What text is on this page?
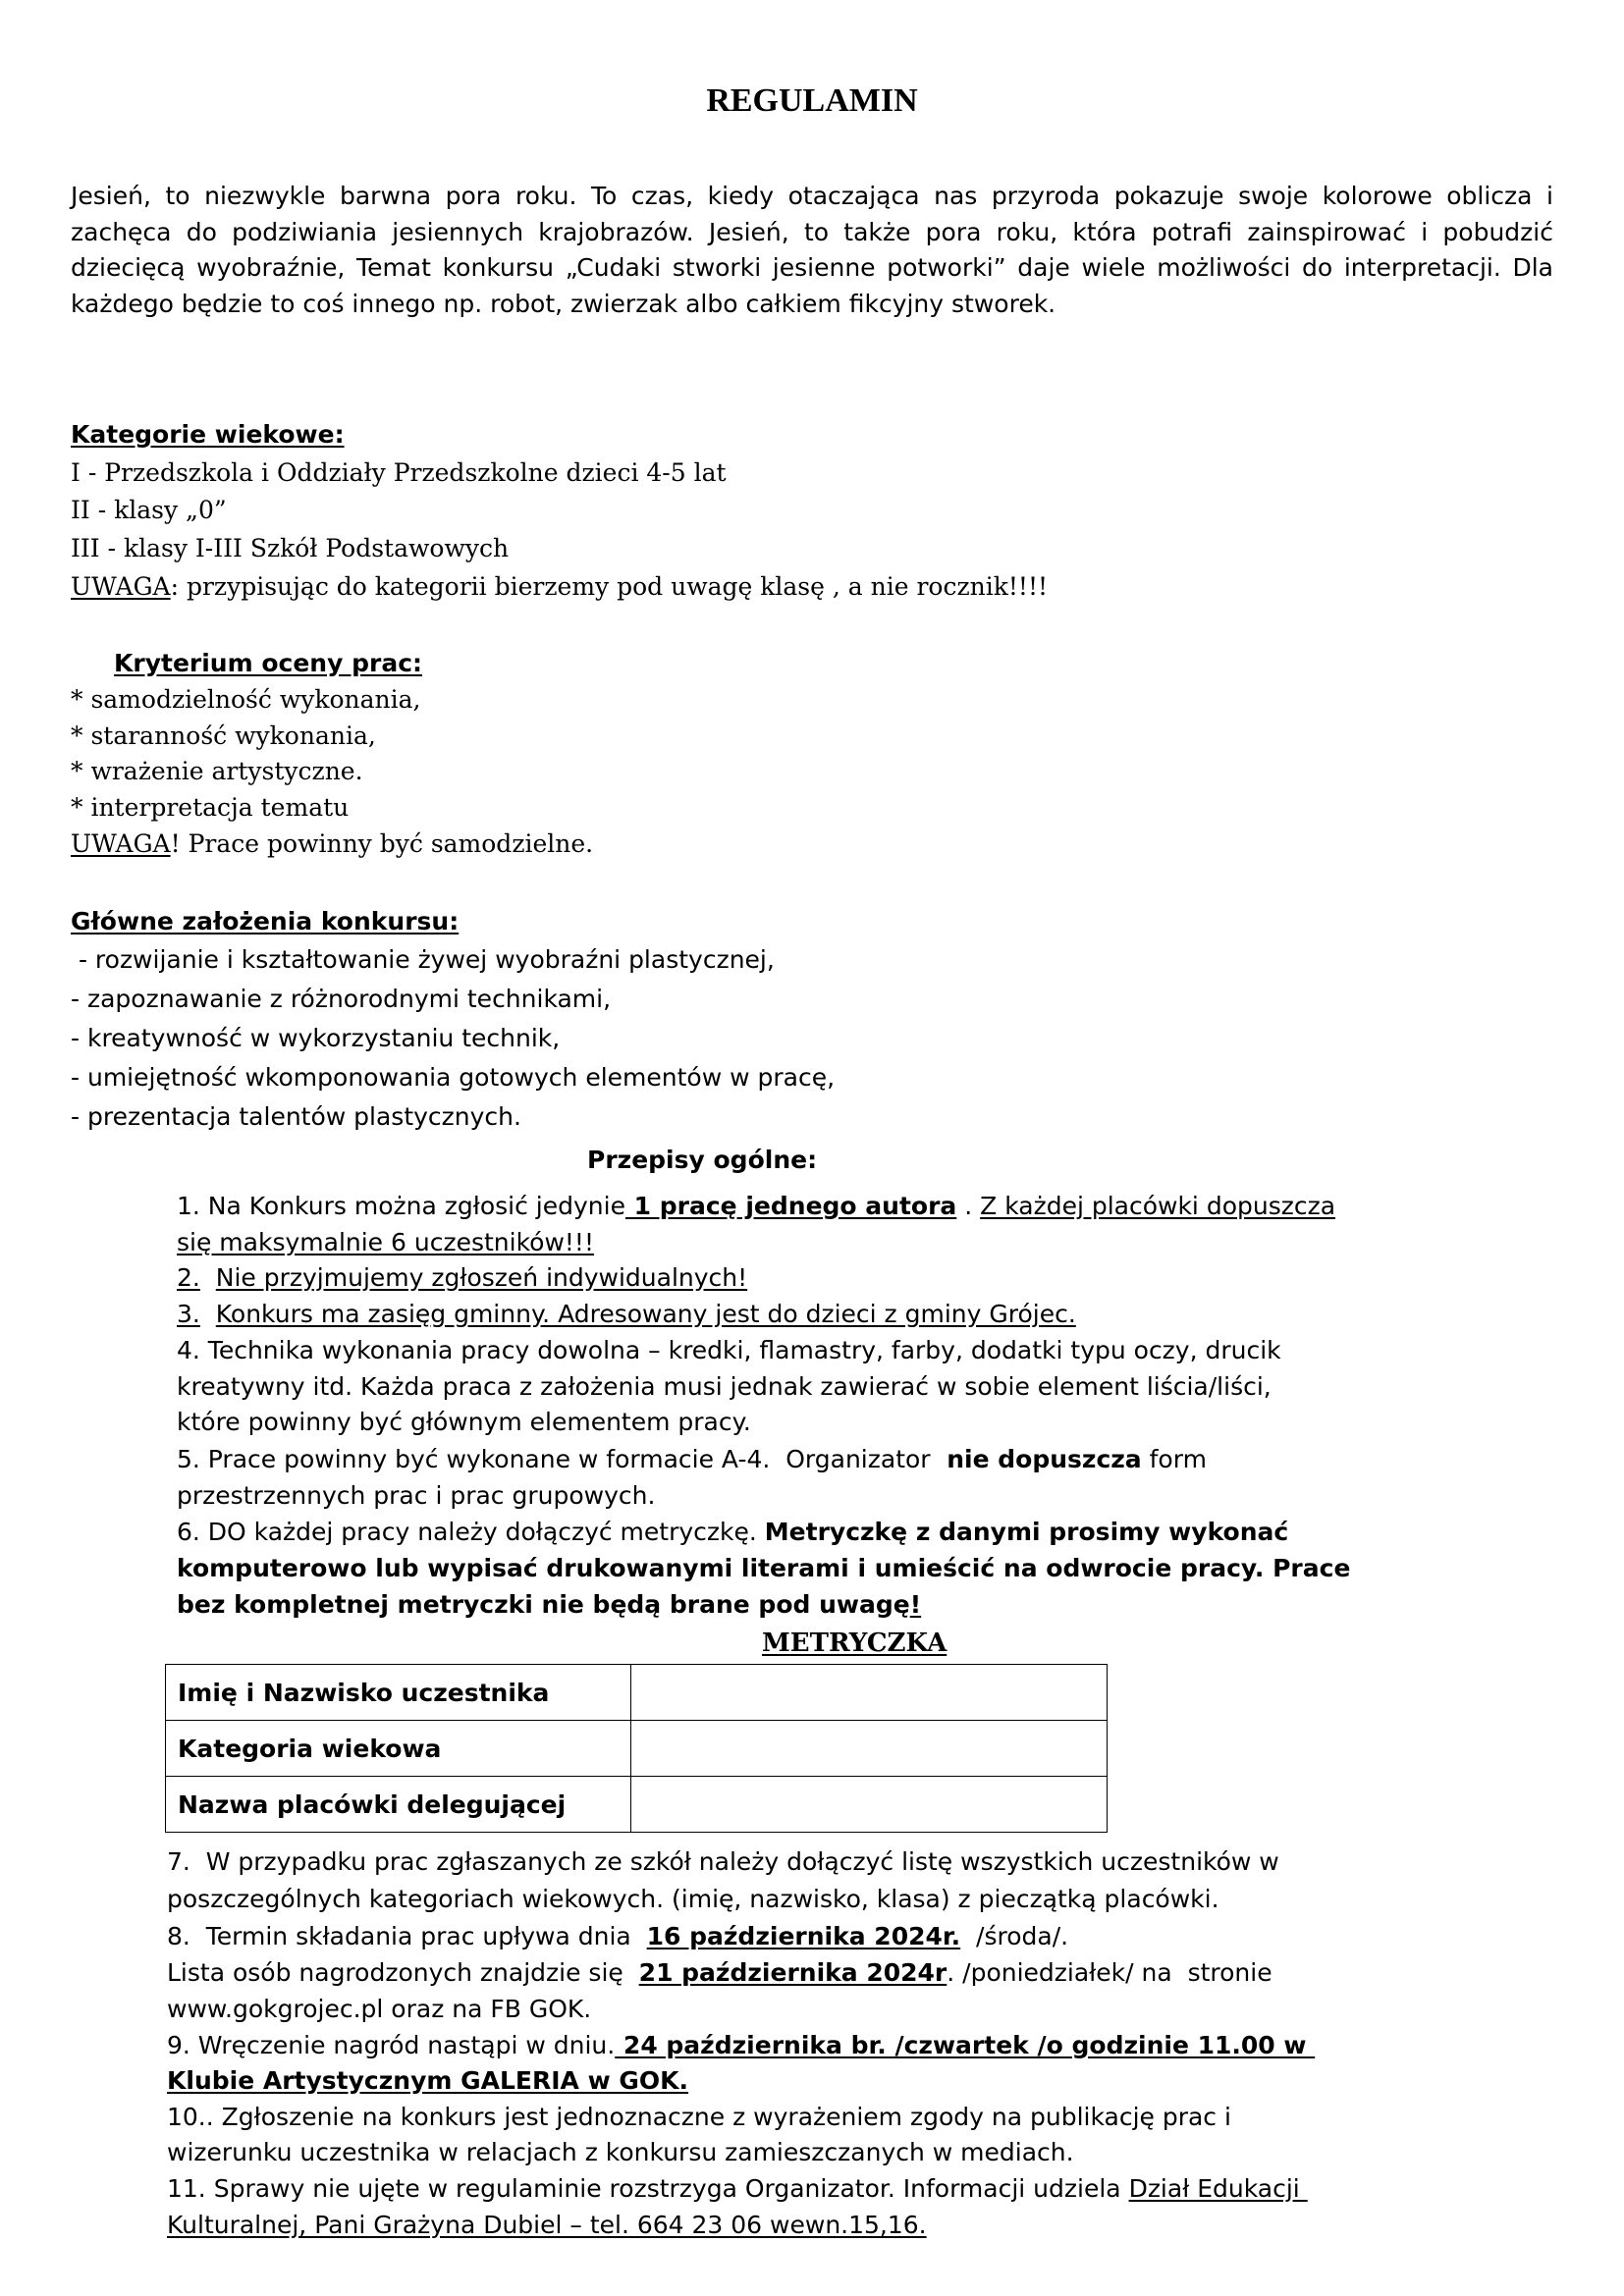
REGULAMIN

Jesień, to niezwykle barwna pora roku. To czas, kiedy otaczająca nas przyroda pokazuje swoje kolorowe oblicza i zachęca do podziwiania jesiennych krajobrazów. Jesień, to także pora roku, która potrafi zainspirować i pobudzić dziecięcą wyobraźnie, Temat konkursu „Cudaki stworki jesienne potworki” daje wiele możliwości do interpretacji. Dla każdego będzie to coś innego np. robot, zwierzak albo całkiem fikcyjny stworek.

Kategorie wiekowe:
I - Przedszkola i Oddziały Przedszkolne dzieci 4-5 lat
II - klasy „0”
III - klasy I-III Szkół Podstawowych
UWAGA: przypisując do kategorii bierzemy pod uwagę klasę , a nie rocznik!!!!
Kryterium oceny prac:
* samodzielność wykonania,
* staranność wykonania,
* wrażenie artystyczne.
* interpretacja tematu
UWAGA! Prace powinny być samodzielne.
Główne założenia konkursu:
- rozwijanie i kształtowanie żywej wyobraźni plastycznej,
- zapoznawanie z różnorodnymi technikami,
- kreatywność w wykorzystaniu technik,
- umiejętność wkomponowania gotowych elementów w pracę,
- prezentacja talentów plastycznych.
Przepisy ogólne:
1. Na Konkurs można zgłosić jedynie 1 pracę jednego autora . Z każdej placówki dopuszcza
się maksymalnie 6 uczestników!!!
2. Nie przyjmujemy zgłoszeń indywidualnych!
3. Konkurs ma zasięg gminny. Adresowany jest do dzieci z gminy Grójec.
4. Technika wykonania pracy dowolna – kredki, flamastry, farby, dodatki typu oczy, drucik
kreatywny itd. Każda praca z założenia musi jednak zawierać w sobie element liścia/liści,
które powinny być głównym elementem pracy.
5. Prace powinny być wykonane w formacie A-4.  Organizator  nie dopuszcza form
przestrzennych prac i prac grupowych.
6. DO każdej pracy należy dołączyć metryczkę. Metryczkę z danymi prosimy wykonać
komputerowo lub wypisać drukowanymi literami i umieścić na odwrocie pracy. Prace
bez kompletnej metryczki nie będą brane pod uwagę!
METRYCZKA
Imię i Nazwisko uczestnika	
Kategoria wiekowa	
Nazwa placówki delegującej	
7.  W przypadku prac zgłaszanych ze szkół należy dołączyć listę wszystkich uczestników w
poszczególnych kategoriach wiekowych. (imię, nazwisko, klasa) z pieczątką placówki.
8.  Termin składania prac upływa dnia  16 października 2024r.  /środa/.
Lista osób nagrodzonych znajdzie się  21 października 2024r. /poniedziałek/ na  stronie
www.gokgrojec.pl oraz na FB GOK.
9. Wręczenie nagród nastąpi w dniu. 24 października br. /czwartek /o godzinie 11.00 w
Klubie Artystycznym GALERIA w GOK.
10.. Zgłoszenie na konkurs jest jednoznaczne z wyrażeniem zgody na publikację prac i
wizerunku uczestnika w relacjach z konkursu zamieszczanych w mediach.
11. Sprawy nie ujęte w regulaminie rozstrzyga Organizator. Informacji udziela Dział Edukacji
Kulturalnej, Pani Grażyna Dubiel – tel. 664 23 06 wewn.15,16.
